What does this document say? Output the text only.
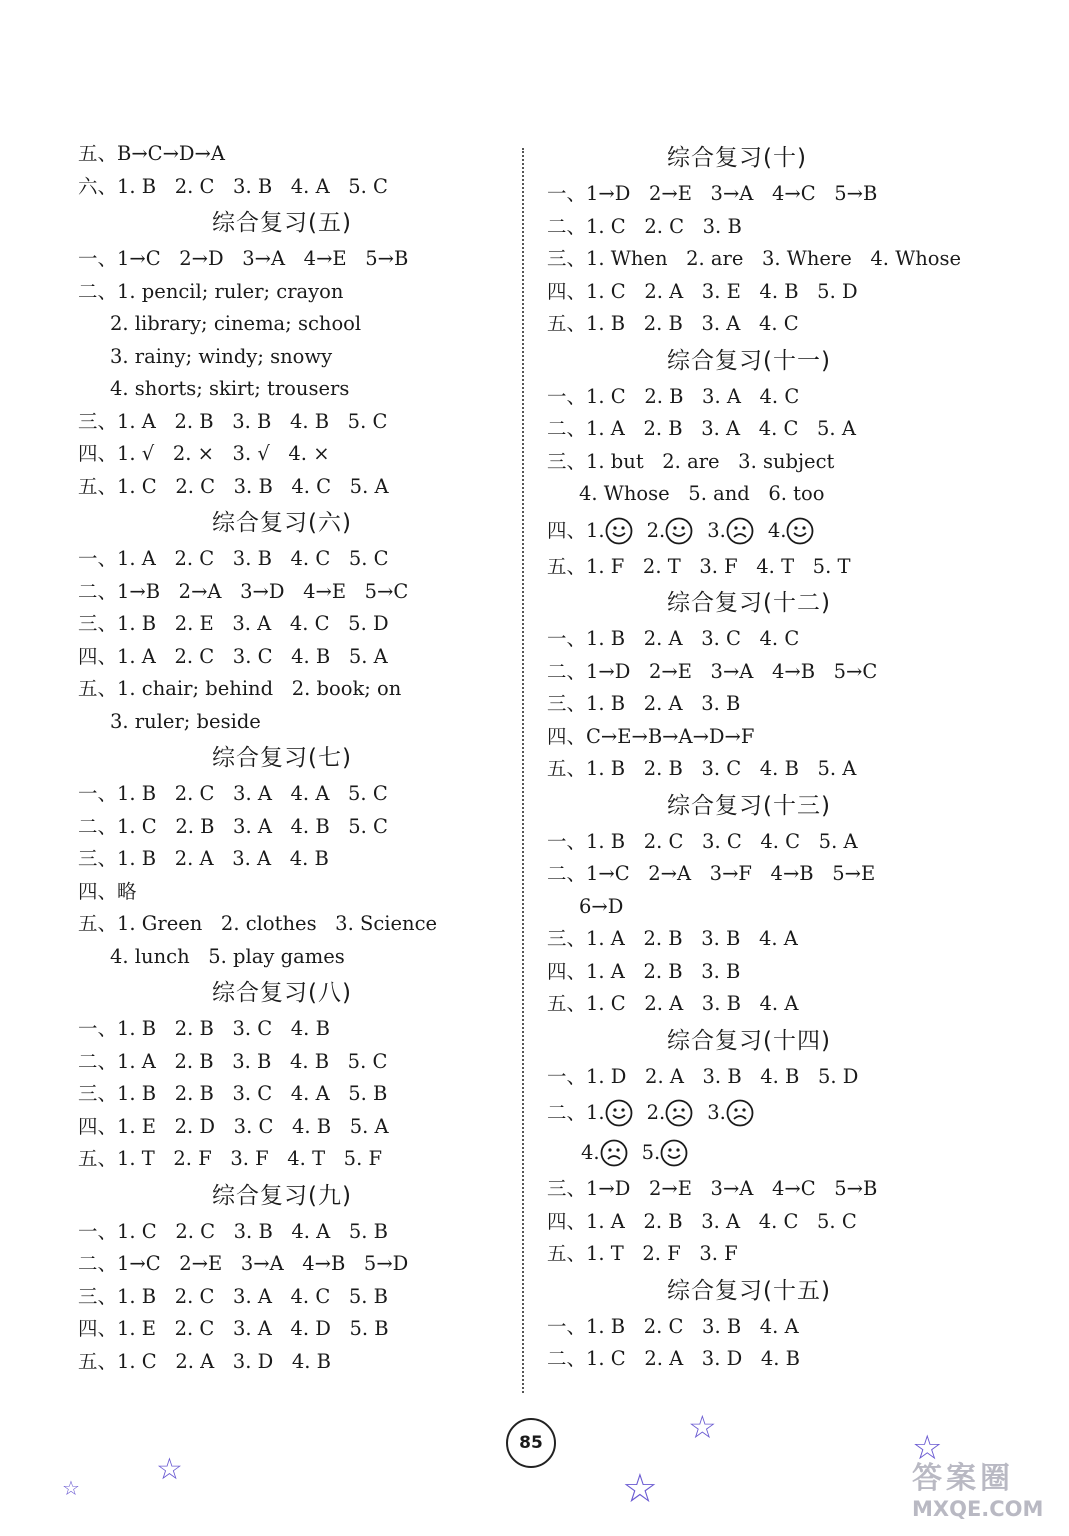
五、B→C→D→A
六、1. B   2. C   3. B   4. A   5. C
综合复习(五)
一、1→C   2→D   3→A   4→E   5→B
二、1. pencil; ruler; crayon
2. library; cinema; school
3. rainy; windy; snowy
4. shorts; skirt; trousers
三、1. A   2. B   3. B   4. B   5. C
四、1. √   2. ×   3. √   4. ×
五、1. C   2. C   3. B   4. C   5. A
综合复习(六)
一、1. A   2. C   3. B   4. C   5. C
二、1→B   2→A   3→D   4→E   5→C
三、1. B   2. E   3. A   4. C   5. D
四、1. A   2. C   3. C   4. B   5. A
五、1. chair; behind   2. book; on
3. ruler; beside
综合复习(七)
一、1. B   2. C   3. A   4. A   5. C
二、1. C   2. B   3. A   4. B   5. C
三、1. B   2. A   3. A   4. B
四、略
五、1. Green   2. clothes   3. Science
4. lunch   5. play games
综合复习(八)
一、1. B   2. B   3. C   4. B
二、1. A   2. B   3. B   4. B   5. C
三、1. B   2. B   3. C   4. A   5. B
四、1. E   2. D   3. C   4. B   5. A
五、1. T   2. F   3. F   4. T   5. F
综合复习(九)
一、1. C   2. C   3. B   4. A   5. B
二、1→C   2→E   3→A   4→B   5→D
三、1. B   2. C   3. A   4. C   5. B
四、1. E   2. C   3. A   4. D   5. B
五、1. C   2. A   3. D   4. B
综合复习(十)
一、1→D   2→E   3→A   4→C   5→B
二、1. C   2. C   3. B
三、1. When   2. are   3. Where   4. Whose
四、1. C   2. A   3. E   4. B   5. D
五、1. B   2. B   3. A   4. C
综合复习(十一)
一、1. C   2. B   3. A   4. C
二、1. A   2. B   3. A   4. C   5. A
三、1. but   2. are   3. subject
4. Whose   5. and   6. too
四、1. 2. 3. 4.
五、1. F   2. T   3. F   4. T   5. T
综合复习(十二)
一、1. B   2. A   3. C   4. C
二、1→D   2→E   3→A   4→B   5→C
三、1. B   2. A   3. B
四、C→E→B→A→D→F
五、1. B   2. B   3. C   4. B   5. A
综合复习(十三)
一、1. B   2. C   3. C   4. C   5. A
二、1→C   2→A   3→F   4→B   5→E
6→D
三、1. A   2. B   3. B   4. A
四、1. A   2. B   3. B
五、1. C   2. A   3. B   4. A
综合复习(十四)
一、1. D   2. A   3. B   4. B   5. D
二、1. 2. 3.
4. 5.
三、1→D   2→E   3→A   4→C   5→B
四、1. A   2. B   3. A   4. C   5. C
五、1. T   2. F   3. F
综合复习(十五)
一、1. B   2. C   3. B   4. A
二、1. C   2. A   3. D   4. B
85
☆
☆
☆
☆
☆
答案圈
MXQE.COM
